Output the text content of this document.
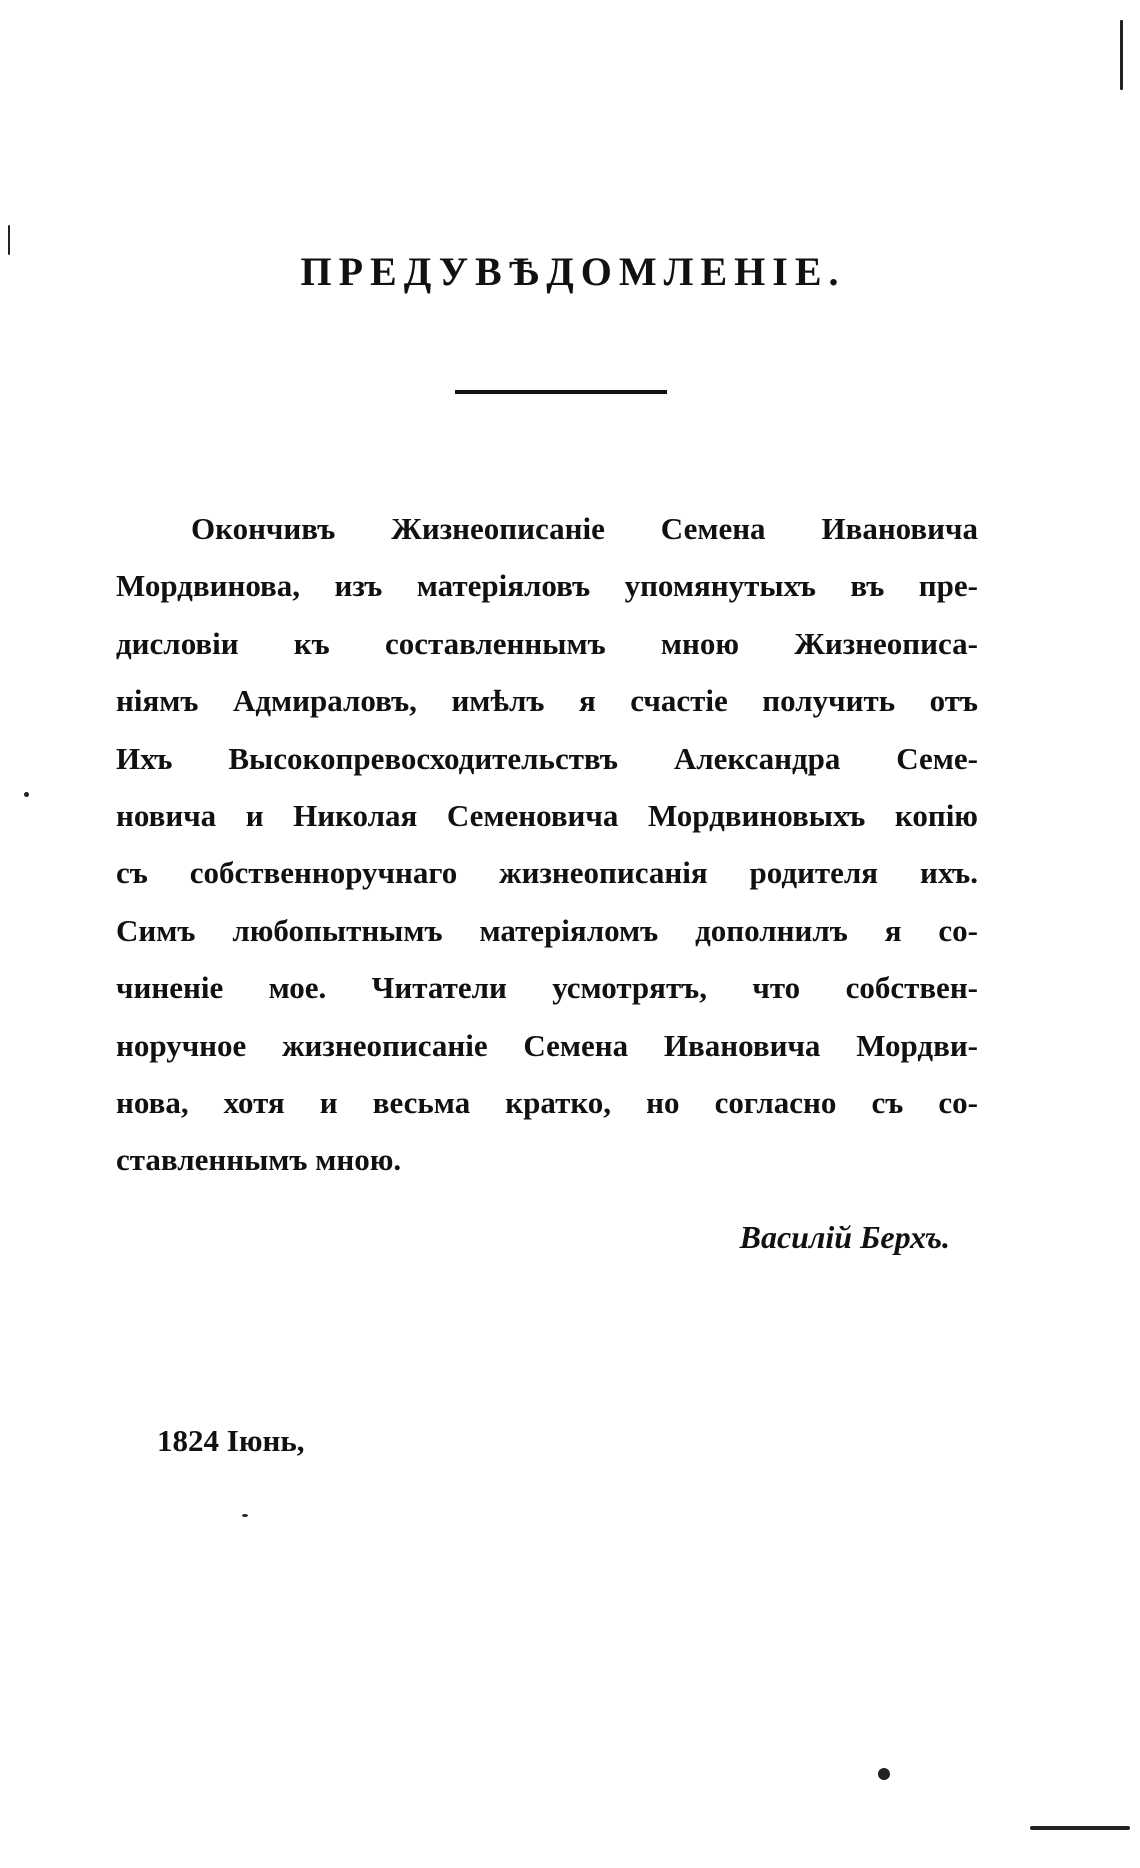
ПРЕДУВѢДОМЛЕНІЕ.
Окончивъ Жизнеописаніе Семена Ивановича
Мордвинова, изъ матеріяловъ упомянутыхъ въ пре-
дисловіи къ составленнымъ мною Жизнеописа-
ніямъ Адмираловъ, имѣлъ я счастіе получить отъ
Ихъ Высокопревосходительствъ Александра Семе-
новича и Николая Семеновича Мордвиновыхъ копію
съ собственноручнаго жизнеописанія родителя ихъ.
Симъ любопытнымъ матеріяломъ дополнилъ я со-
чиненіе мое. Читатели усмотрятъ, что собствен-
норучное жизнеописаніе Семена Ивановича Мордви-
нова, хотя и весьма кратко, но согласно съ со-
ставленнымъ мною.
Василій Берхъ.
1824 Іюнь,
